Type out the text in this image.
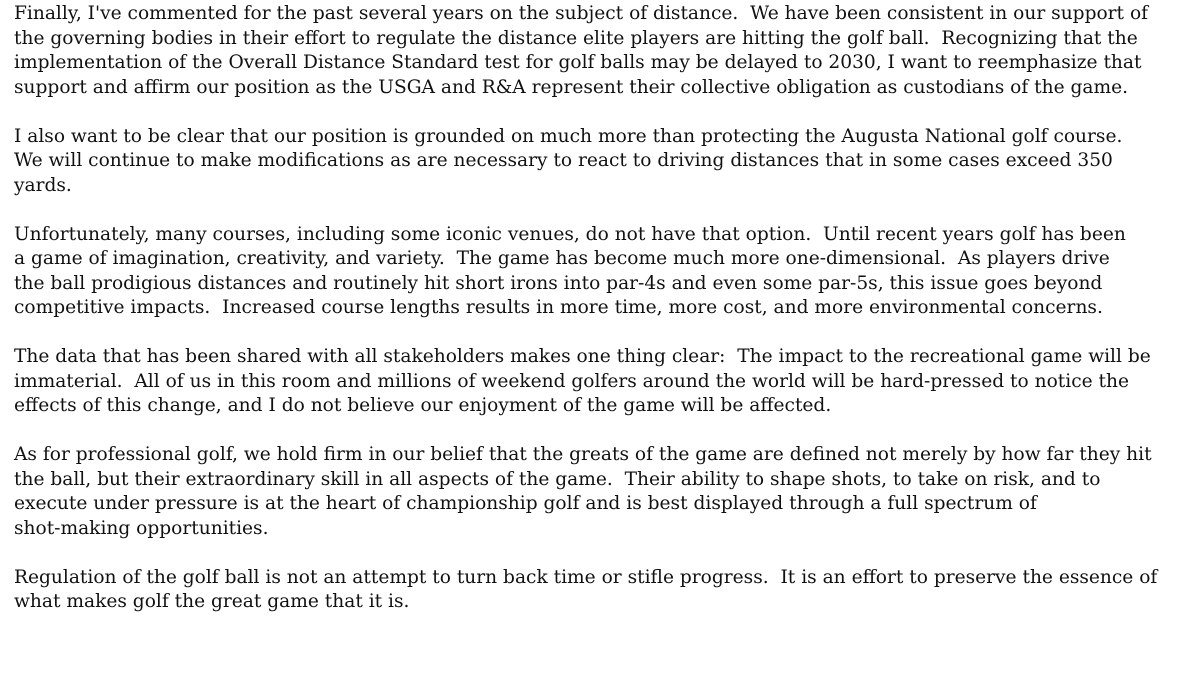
Finally, I've commented for the past several years on the subject of distance.  We have been consistent in our support of
the governing bodies in their effort to regulate the distance elite players are hitting the golf ball.  Recognizing that the
implementation of the Overall Distance Standard test for golf balls may be delayed to 2030, I want to reemphasize that
support and affirm our position as the USGA and R&A represent their collective obligation as custodians of the game.

I also want to be clear that our position is grounded on much more than protecting the Augusta National golf course.
We will continue to make modifications as are necessary to react to driving distances that in some cases exceed 350
yards.

Unfortunately, many courses, including some iconic venues, do not have that option.  Until recent years golf has been
a game of imagination, creativity, and variety.  The game has become much more one-dimensional.  As players drive
the ball prodigious distances and routinely hit short irons into par-4s and even some par-5s, this issue goes beyond
competitive impacts.  Increased course lengths results in more time, more cost, and more environmental concerns.

The data that has been shared with all stakeholders makes one thing clear:  The impact to the recreational game will be
immaterial.  All of us in this room and millions of weekend golfers around the world will be hard-pressed to notice the
effects of this change, and I do not believe our enjoyment of the game will be affected.

As for professional golf, we hold firm in our belief that the greats of the game are defined not merely by how far they hit
the ball, but their extraordinary skill in all aspects of the game.  Their ability to shape shots, to take on risk, and to
execute under pressure is at the heart of championship golf and is best displayed through a full spectrum of
shot-making opportunities.

Regulation of the golf ball is not an attempt to turn back time or stifle progress.  It is an effort to preserve the essence of
what makes golf the great game that it is.
